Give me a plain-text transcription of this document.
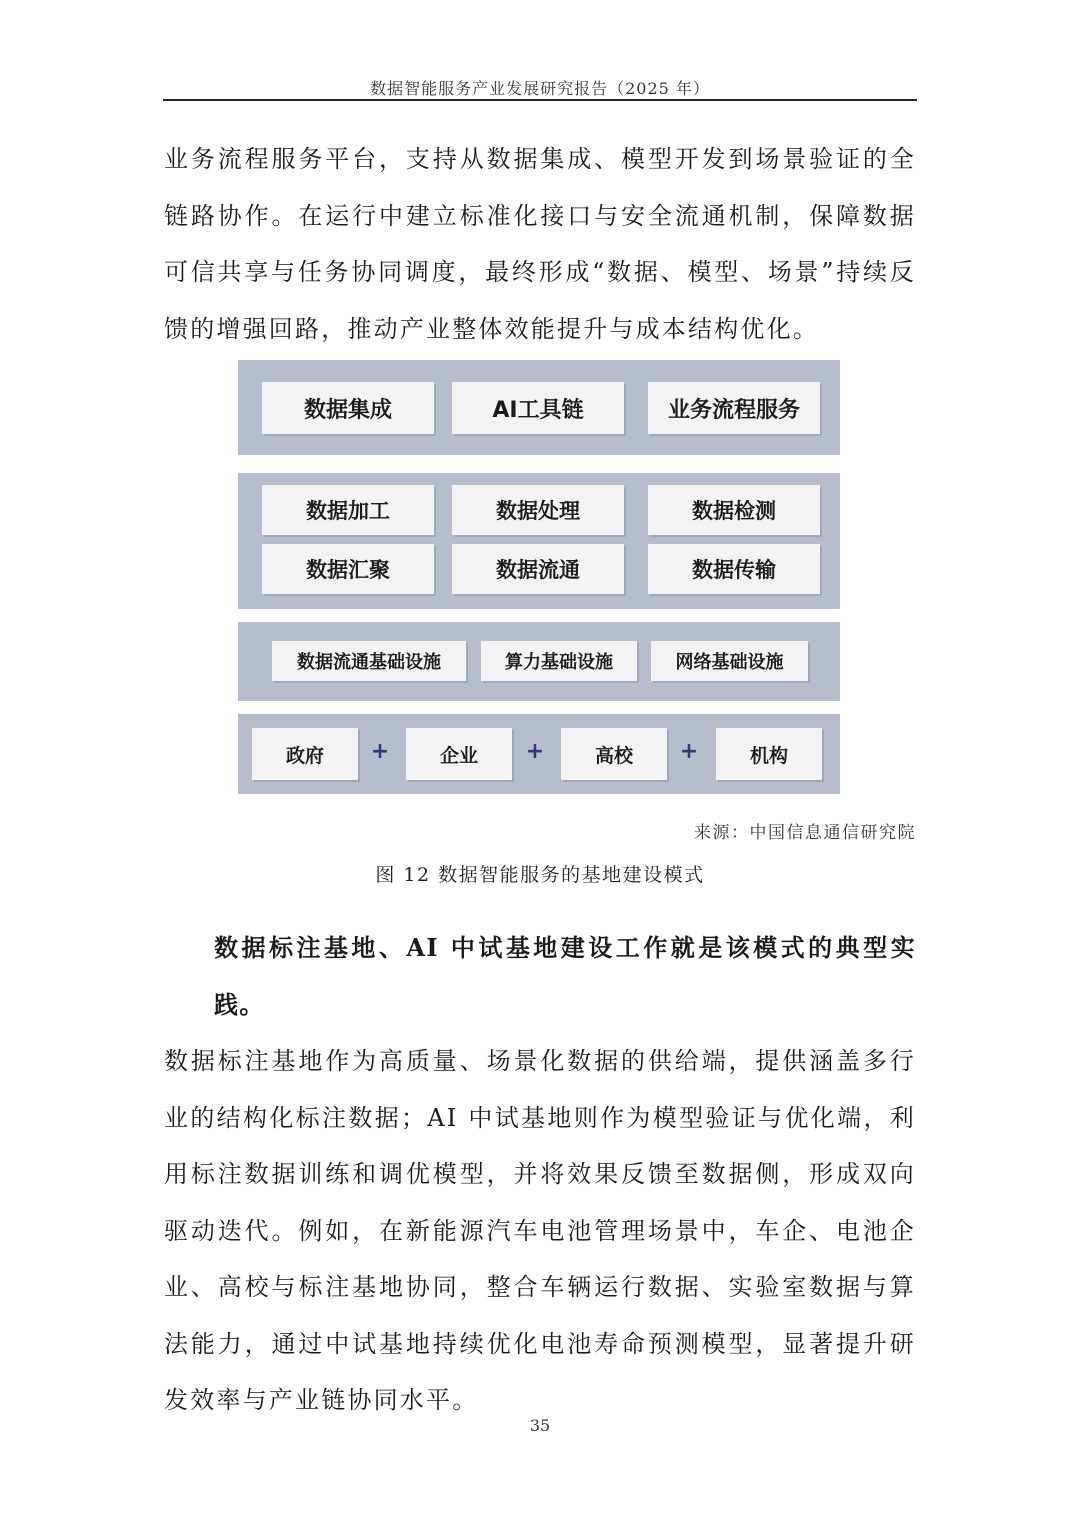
数据智能服务产业发展研究报告（2025 年）

业务流程服务平台，支持从数据集成、模型开发到场景验证的全链路协作。在运行中建立标准化接口与安全流通机制，保障数据可信共享与任务协同调度，最终形成“数据、模型、场景”持续反馈的增强回路，推动产业整体效能提升与成本结构优化。

数据集成	AI工具链	业务流程服务
数据加工	数据处理	数据检测
数据汇聚	数据流通	数据传输
数据流通基础设施	算力基础设施	网络基础设施
政府	+	企业	+	高校	+	机构
来源：中国信息通信研究院
图 12 数据智能服务的基地建设模式
数据标注基地、AI 中试基地建设工作就是该模式的典型实践。
数据标注基地作为高质量、场景化数据的供给端，提供涵盖多行业的结构化标注数据；AI 中试基地则作为模型验证与优化端，利用标注数据训练和调优模型，并将效果反馈至数据侧，形成双向驱动迭代。例如，在新能源汽车电池管理场景中，车企、电池企业、高校与标注基地协同，整合车辆运行数据、实验室数据与算法能力，通过中试基地持续优化电池寿命预测模型，显著提升研发效率与产业链协同水平。
35
